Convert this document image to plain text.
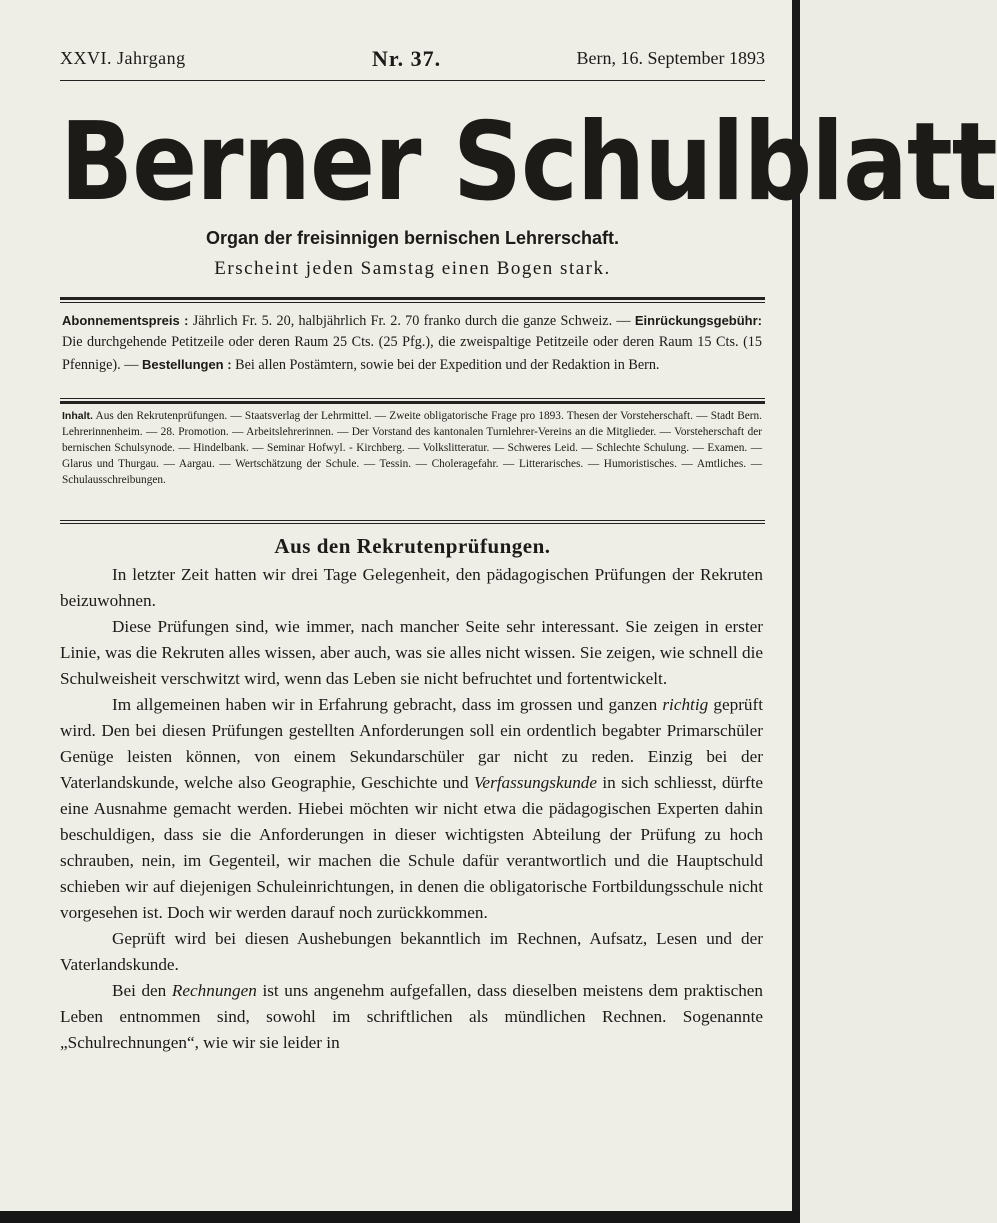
XXVI. Jahrgang	Nr. 37.	Bern, 16. September 1893
Berner Schulblatt
Organ der freisinnigen bernischen Lehrerschaft.
Erscheint jeden Samstag einen Bogen stark.
Abonnementspreis : Jährlich Fr. 5. 20, halbjährlich Fr. 2. 70 franko durch die ganze Schweiz. — Einrückungsgebühr: Die durchgehende Petitzeile oder deren Raum 25 Cts. (25 Pfg.), die zweispaltige Petitzeile oder deren Raum 15 Cts. (15 Pfennige). — Bestellungen : Bei allen Postämtern, sowie bei der Expedition und der Redaktion in Bern.
Inhalt. Aus den Rekrutenprüfungen. — Staatsverlag der Lehrmittel. — Zweite obligatorische Frage pro 1893. Thesen der Vorsteherschaft. — Stadt Bern. Lehrerinnenheim. — 28. Promotion. — Arbeitslehrerinnen. — Der Vorstand des kantonalen Turnlehrer-Vereins an die Mitglieder. — Vorsteherschaft der bernischen Schulsynode. — Hindelbank. — Seminar Hofwyl. - Kirchberg. — Volkslitteratur. — Schweres Leid. — Schlechte Schulung. — Examen. — Glarus und Thurgau. — Aargau. — Wertschätzung der Schule. — Tessin. — Choleragefahr. — Litterarisches. — Humoristisches. — Amtliches. — Schulausschreibungen.
Aus den Rekrutenprüfungen.

In letzter Zeit hatten wir drei Tage Gelegenheit, den pädagogischen Prüfungen der Rekruten beizuwohnen.

Diese Prüfungen sind, wie immer, nach mancher Seite sehr interessant. Sie zeigen in erster Linie, was die Rekruten alles wissen, aber auch, was sie alles nicht wissen. Sie zeigen, wie schnell die Schulweisheit verschwitzt wird, wenn das Leben sie nicht befruchtet und fortentwickelt.

Im allgemeinen haben wir in Erfahrung gebracht, dass im grossen und ganzen richtig geprüft wird. Den bei diesen Prüfungen gestellten Anforderungen soll ein ordentlich begabter Primarschüler Genüge leisten können, von einem Sekundarschüler gar nicht zu reden. Einzig bei der Vaterlandskunde, welche also Geographie, Geschichte und Verfassungskunde in sich schliesst, dürfte eine Ausnahme gemacht werden. Hiebei möchten wir nicht etwa die pädagogischen Experten dahin beschuldigen, dass sie die Anforderungen in dieser wichtigsten Abteilung der Prüfung zu hoch schrauben, nein, im Gegenteil, wir machen die Schule dafür verantwortlich und die Hauptschuld schieben wir auf diejenigen Schuleinrichtungen, in denen die obligatorische Fortbildungsschule nicht vorgesehen ist. Doch wir werden darauf noch zurückkommen.

Geprüft wird bei diesen Aushebungen bekanntlich im Rechnen, Aufsatz, Lesen und der Vaterlandskunde.

Bei den Rechnungen ist uns angenehm aufgefallen, dass dieselben meistens dem praktischen Leben entnommen sind, sowohl im schriftlichen als mündlichen Rechnen. Sogenannte „Schulrechnungen“, wie wir sie leider in
